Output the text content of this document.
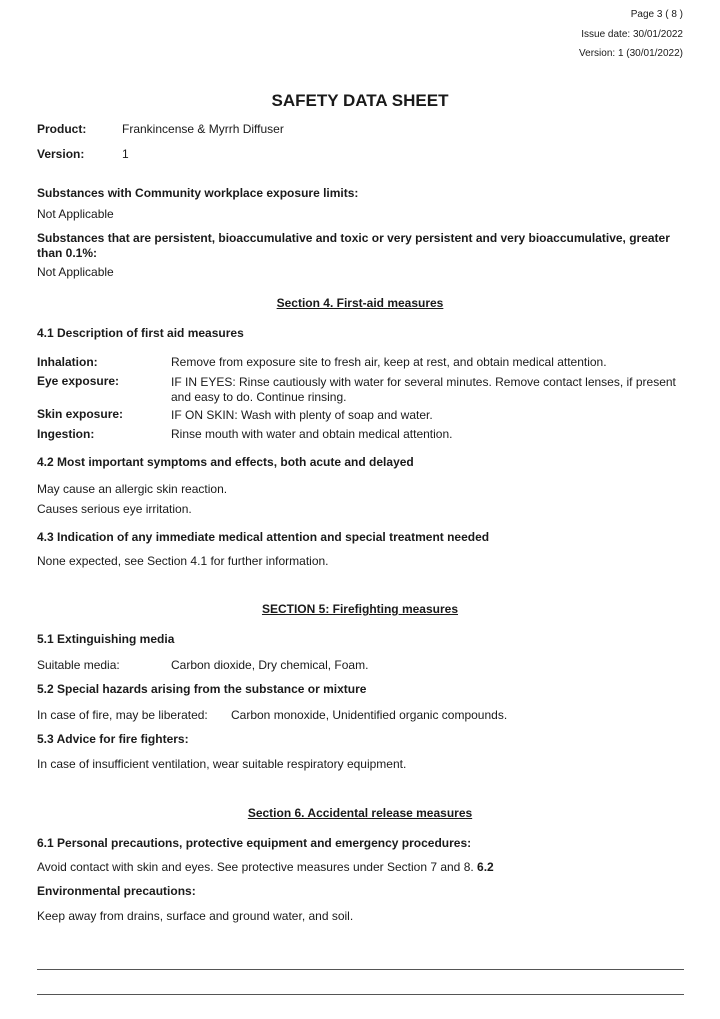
Page 3 ( 8 )
Issue date: 30/01/2022
Version: 1 (30/01/2022)
SAFETY DATA SHEET
Product:	Frankincense & Myrrh Diffuser
Version:	1
Substances with Community workplace exposure limits:
Not Applicable
Substances that are persistent, bioaccumulative and toxic or very persistent and very bioaccumulative, greater than 0.1%:
Not Applicable
Section 4. First-aid measures
4.1 Description of first aid measures
Inhalation:	Remove from exposure site to fresh air, keep at rest, and obtain medical attention.
Eye exposure:	IF IN EYES: Rinse cautiously with water for several minutes. Remove contact lenses, if present and easy to do. Continue rinsing.
Skin exposure:	IF ON SKIN: Wash with plenty of soap and water.
Ingestion:	Rinse mouth with water and obtain medical attention.
4.2 Most important symptoms and effects, both acute and delayed
May cause an allergic skin reaction.
Causes serious eye irritation.
4.3 Indication of any immediate medical attention and special treatment needed
None expected, see Section 4.1 for further information.
SECTION 5: Firefighting measures
5.1 Extinguishing media
Suitable media:	Carbon dioxide, Dry chemical, Foam.
5.2 Special hazards arising from the substance or mixture
In case of fire, may be liberated: Carbon monoxide, Unidentified organic compounds.
5.3 Advice for fire fighters:
In case of insufficient ventilation, wear suitable respiratory equipment.
Section 6. Accidental release measures
6.1 Personal precautions, protective equipment and emergency procedures:
Avoid contact with skin and eyes. See protective measures under Section 7 and 8. 6.2
Environmental precautions:
Keep away from drains, surface and ground water, and soil.
